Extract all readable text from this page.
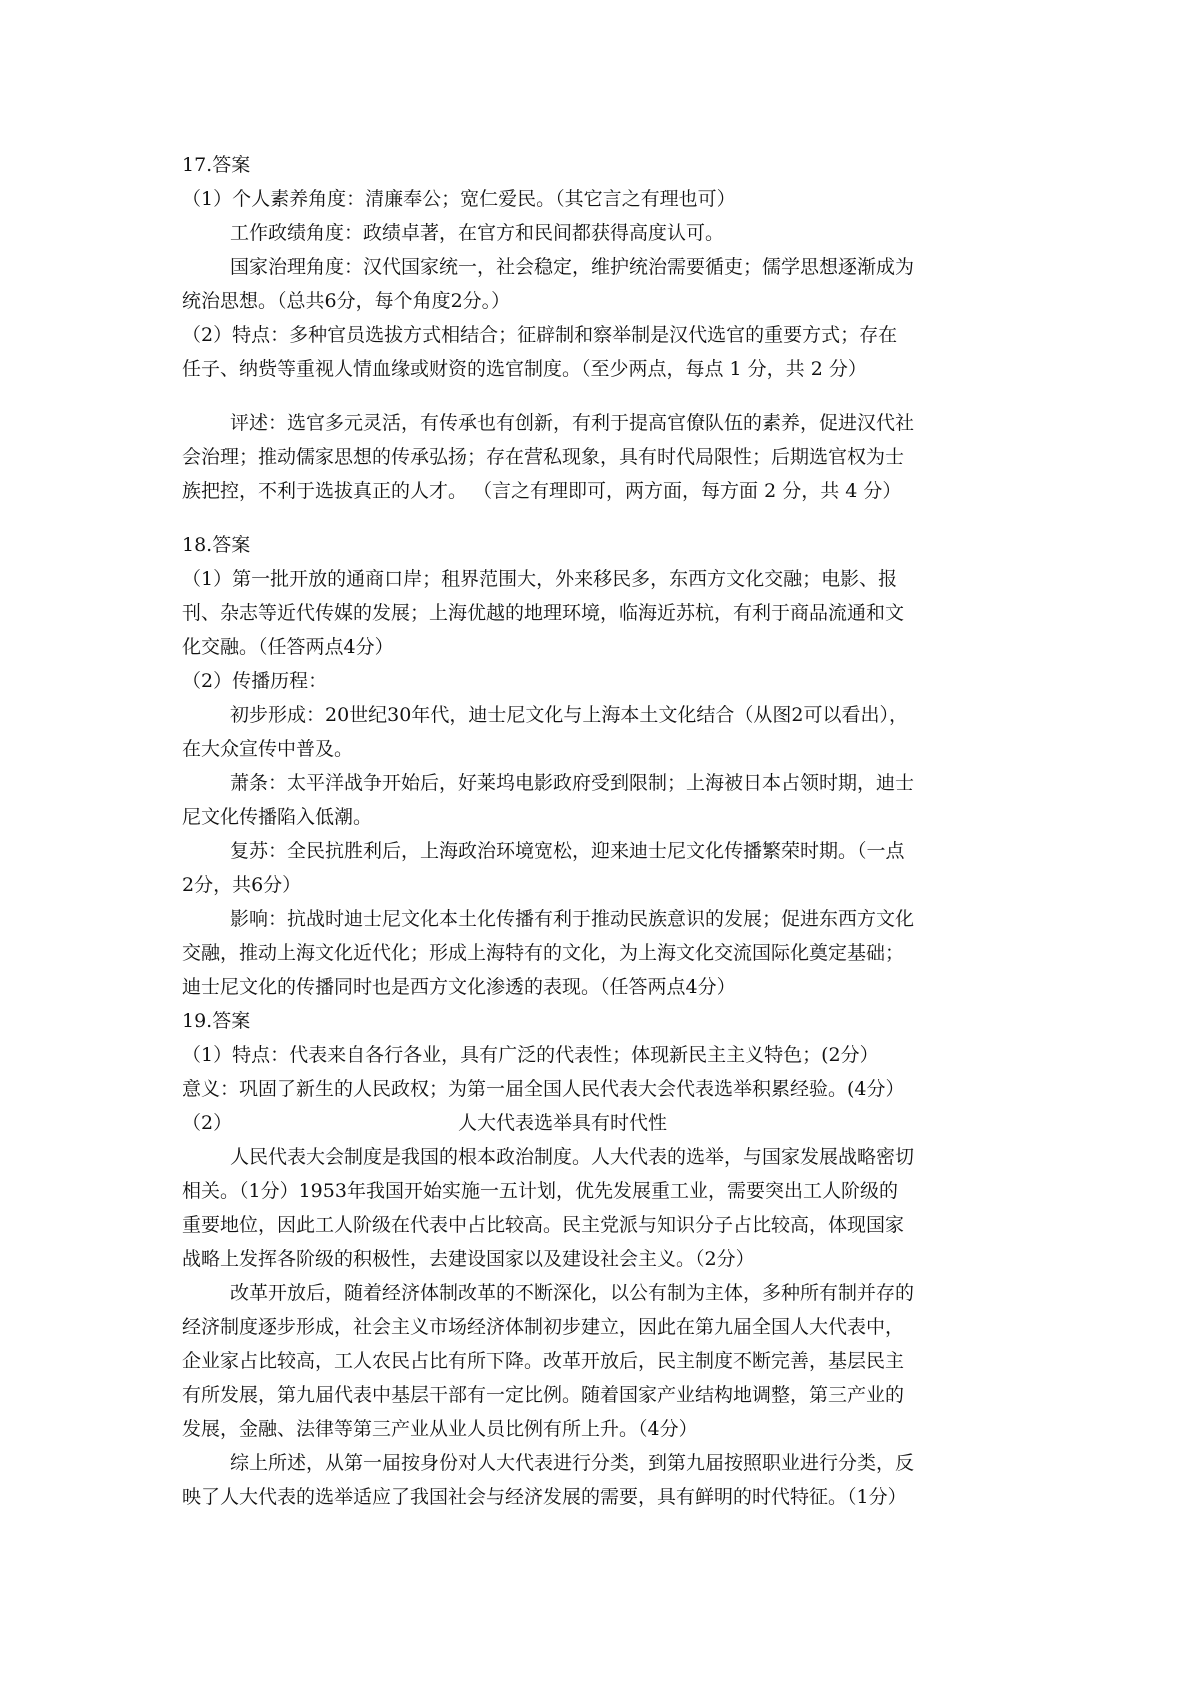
17.答案
（1）个人素养角度：清廉奉公；宽仁爱民。（其它言之有理也可）
工作政绩角度：政绩卓著，在官方和民间都获得高度认可。
国家治理角度：汉代国家统一，社会稳定，维护统治需要循吏；儒学思想逐渐成为
统治思想。（总共6分，每个角度2分。）
（2）特点：多种官员选拔方式相结合；征辟制和察举制是汉代选官的重要方式；存在
任子、纳赀等重视人情血缘或财资的选官制度。（至少两点，每点 1 分，共 2 分）
评述：选官多元灵活，有传承也有创新，有利于提高官僚队伍的素养，促进汉代社
会治理；推动儒家思想的传承弘扬；存在营私现象，具有时代局限性；后期选官权为士
族把控，不利于选拔真正的人才。 （言之有理即可，两方面，每方面 2 分，共 4 分）
18.答案
（1）第一批开放的通商口岸；租界范围大，外来移民多，东西方文化交融；电影、报
刊、杂志等近代传媒的发展；上海优越的地理环境，临海近苏杭，有利于商品流通和文
化交融。（任答两点4分）
（2）传播历程：
初步形成：20世纪30年代，迪士尼文化与上海本土文化结合（从图2可以看出），
在大众宣传中普及。
萧条：太平洋战争开始后，好莱坞电影政府受到限制；上海被日本占领时期，迪士
尼文化传播陷入低潮。
复苏：全民抗胜利后，上海政治环境宽松，迎来迪士尼文化传播繁荣时期。（一点
2分，共6分）
影响：抗战时迪士尼文化本土化传播有利于推动民族意识的发展；促进东西方文化
交融，推动上海文化近代化；形成上海特有的文化，为上海文化交流国际化奠定基础；
迪士尼文化的传播同时也是西方文化渗透的表现。（任答两点4分）
19.答案
（1）特点：代表来自各行各业，具有广泛的代表性；体现新民主主义特色；(2分）
意义：巩固了新生的人民政权；为第一届全国人民代表大会代表选举积累经验。(4分）
（2）	人大代表选举具有时代性
人民代表大会制度是我国的根本政治制度。人大代表的选举，与国家发展战略密切
相关。（1分）1953年我国开始实施一五计划，优先发展重工业，需要突出工人阶级的
重要地位，因此工人阶级在代表中占比较高。民主党派与知识分子占比较高，体现国家
战略上发挥各阶级的积极性，去建设国家以及建设社会主义。（2分）
改革开放后，随着经济体制改革的不断深化，以公有制为主体，多种所有制并存的
经济制度逐步形成，社会主义市场经济体制初步建立，因此在第九届全国人大代表中，
企业家占比较高，工人农民占比有所下降。改革开放后，民主制度不断完善，基层民主
有所发展，第九届代表中基层干部有一定比例。随着国家产业结构地调整，第三产业的
发展，金融、法律等第三产业从业人员比例有所上升。（4分）
综上所述，从第一届按身份对人大代表进行分类，到第九届按照职业进行分类，反
映了人大代表的选举适应了我国社会与经济发展的需要，具有鲜明的时代特征。（1分）
